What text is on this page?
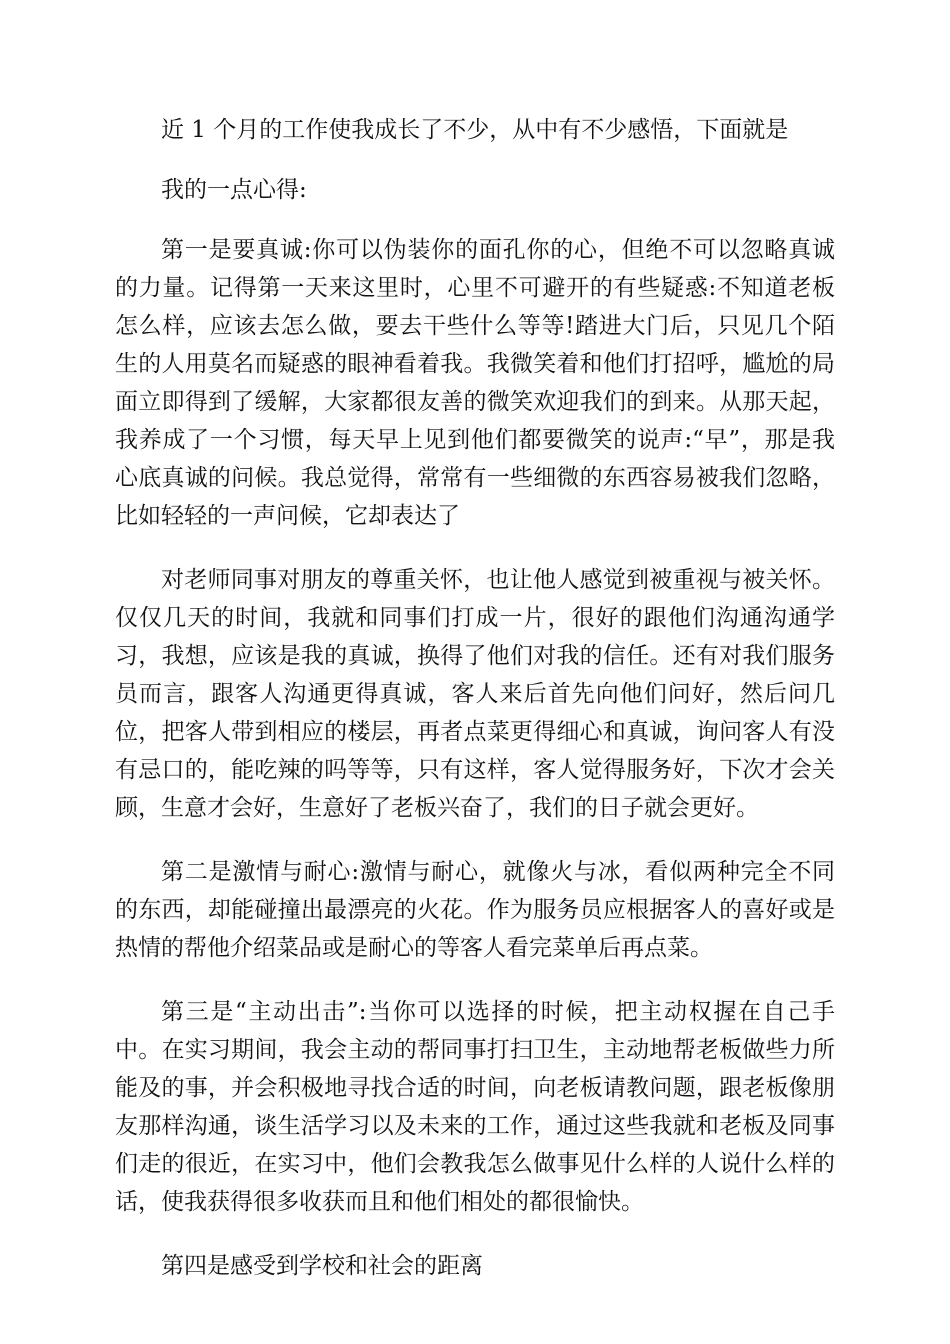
近 1 个月的工作使我成长了不少，从中有不少感悟，下面就是

我的一点心得:

第一是要真诚:你可以伪装你的面孔你的心，但绝不可以忽略真诚的力量。记得第一天来这里时，心里不可避开的有些疑惑:不知道老板怎么样，应该去怎么做，要去干些什么等等!踏进大门后，只见几个陌生的人用莫名而疑惑的眼神看着我。我微笑着和他们打招呼，尴尬的局面立即得到了缓解，大家都很友善的微笑欢迎我们的到来。从那天起，我养成了一个习惯，每天早上见到他们都要微笑的说声:“早”，那是我心底真诚的问候。我总觉得，常常有一些细微的东西容易被我们忽略，比如轻轻的一声问候，它却表达了

对老师同事对朋友的尊重关怀，也让他人感觉到被重视与被关怀。仅仅几天的时间，我就和同事们打成一片，很好的跟他们沟通沟通学习，我想，应该是我的真诚，换得了他们对我的信任。还有对我们服务员而言，跟客人沟通更得真诚，客人来后首先向他们问好，然后问几位，把客人带到相应的楼层，再者点菜更得细心和真诚，询问客人有没有忌口的，能吃辣的吗等等，只有这样，客人觉得服务好，下次才会关顾，生意才会好，生意好了老板兴奋了，我们的日子就会更好。

第二是激情与耐心:激情与耐心，就像火与冰，看似两种完全不同的东西，却能碰撞出最漂亮的火花。作为服务员应根据客人的喜好或是热情的帮他介绍菜品或是耐心的等客人看完菜单后再点菜。

第三是“主动出击”:当你可以选择的时候，把主动权握在自己手中。在实习期间，我会主动的帮同事打扫卫生，主动地帮老板做些力所能及的事，并会积极地寻找合适的时间，向老板请教问题，跟老板像朋友那样沟通，谈生活学习以及未来的工作，通过这些我就和老板及同事们走的很近，在实习中，他们会教我怎么做事见什么样的人说什么样的话，使我获得很多收获而且和他们相处的都很愉快。

第四是感受到学校和社会的距离
